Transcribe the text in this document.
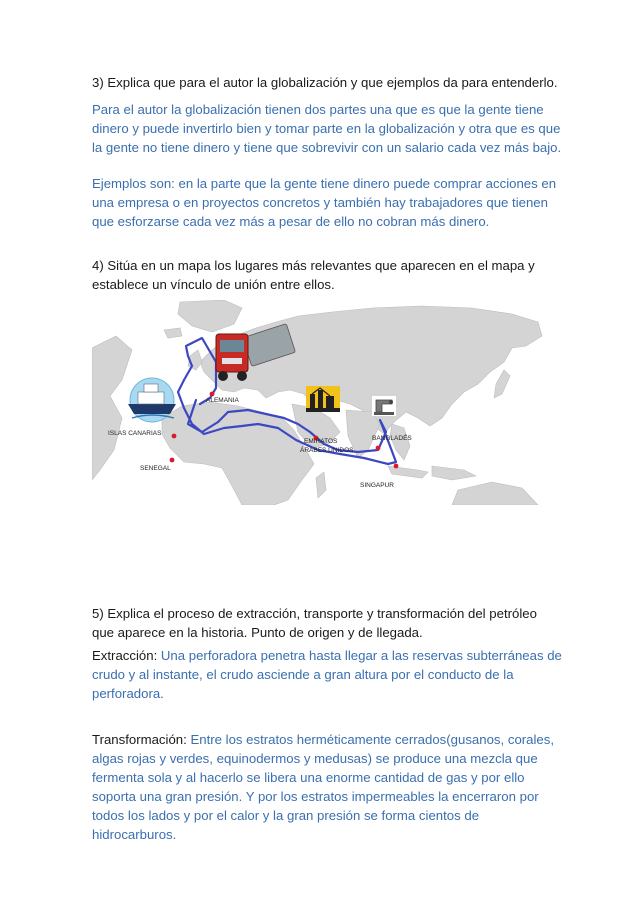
3) Explica que para el autor la globalización y que ejemplos da para entenderlo.
Para el autor la globalización tienen dos partes una que es que la gente tiene dinero y puede invertirlo bien y tomar parte en la globalización y otra que es que la gente no tiene dinero y tiene que sobrevivir con un salario cada vez más bajo.
Ejemplos son: en la parte que la gente tiene dinero puede comprar acciones en una empresa o en proyectos concretos y también hay trabajadores que tienen que esforzarse cada vez más a pesar de ello no cobran más dinero.
4) Sitúa en un mapa los lugares más relevantes que aparecen en el mapa y establece un vínculo de unión entre ellos.
ALEMANIA
ISLAS CANARIAS
SENEGAL
EMIRATOS
ÁRABES UNIDOS
BANGLADÉS
SINGAPUR
5) Explica el proceso de extracción, transporte y transformación del petróleo que aparece en la historia. Punto de origen y de llegada.
Extracción: Una perforadora penetra hasta llegar a las reservas subterráneas de crudo y al instante, el crudo asciende a gran altura por el conducto de la perforadora.
Transformación: Entre los estratos herméticamente cerrados(gusanos, corales, algas rojas y verdes, equinodermos y medusas) se produce una mezcla que fermenta sola y al hacerlo se libera una enorme cantidad de gas y por ello soporta una gran presión. Y por los estratos impermeables la encerraron por todos los lados y por el calor y la gran presión se forma cientos de hidrocarburos.
